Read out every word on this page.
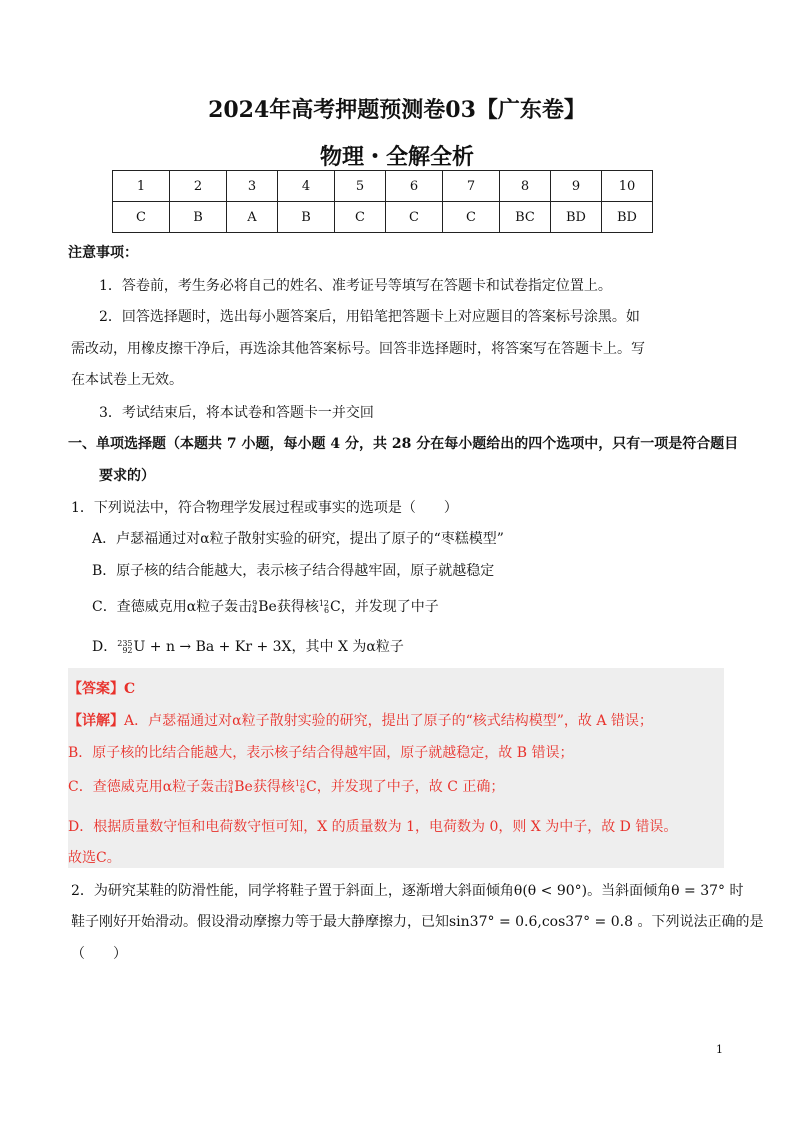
2024年高考押题预测卷03【广东卷】
物理・全解全析
1	2	3	4	5	6	7	8	9	10
C	B	A	B	C	C	C	BC	BD	BD
注意事项：
1．答卷前，考生务必将自己的姓名、准考证号等填写在答题卡和试卷指定位置上。
2．回答选择题时，选出每小题答案后，用铅笔把答题卡上对应题目的答案标号涂黑。如
需改动，用橡皮擦干净后，再选涂其他答案标号。回答非选择题时，将答案写在答题卡上。写
在本试卷上无效。
3．考试结束后，将本试卷和答题卡一并交回
一、单项选择题（本题共 7 小题，每小题 4 分，共 28 分在每小题给出的四个选项中，只有一项是符合题目
要求的）
1．下列说法中，符合物理学发展过程或事实的选项是（　　）
A．卢瑟福通过对α粒子散射实验的研究，提出了原子的“枣糕模型”
B．原子核的结合能越大，表示核子结合得越牢固，原子就越稳定
C．查德威克用α粒子轰击9
4Be获得核12
6C，并发现了中子
D．235
92U + n → Ba + Kr + 3X，其中 X 为α粒子
【答案】C
【详解】A．卢瑟福通过对α粒子散射实验的研究，提出了原子的“核式结构模型”，故 A 错误；
B．原子核的比结合能越大，表示核子结合得越牢固，原子就越稳定，故 B 错误；
C．查德威克用α粒子轰击9
4Be获得核12
6C，并发现了中子，故 C 正确；
D．根据质量数守恒和电荷数守恒可知，X 的质量数为 1，电荷数为 0，则 X 为中子，故 D 错误。
故选C。
2．为研究某鞋的防滑性能，同学将鞋子置于斜面上，逐渐增大斜面倾角θ(θ < 90°)。当斜面倾角θ = 37° 时
鞋子刚好开始滑动。假设滑动摩擦力等于最大静摩擦力，已知sin37° = 0.6,cos37° = 0.8 。下列说法正确的是
（　　）
1
